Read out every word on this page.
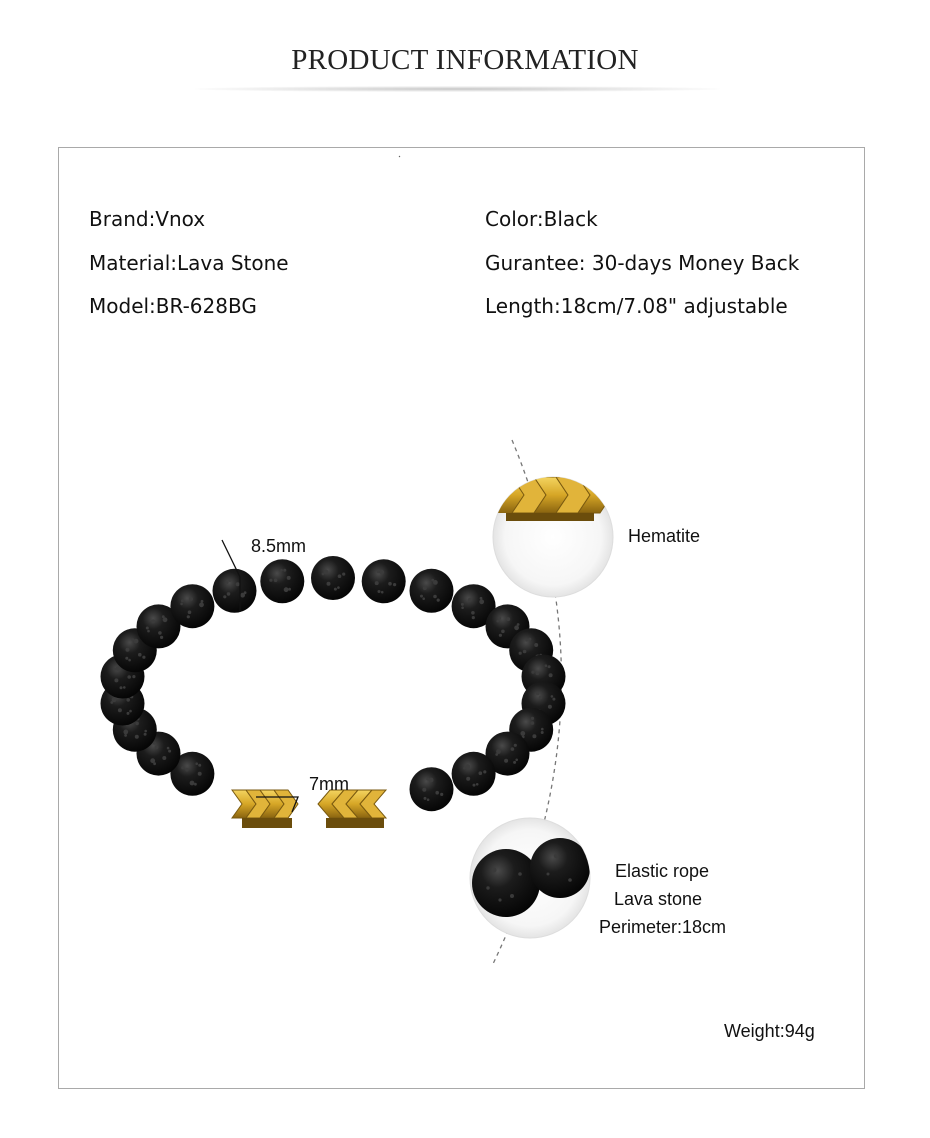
PRODUCT INFORMATION
Brand:Vnox
Material:Lava Stone
Model:BR-628BG
Color:Black
Gurantee: 30-days Money Back
Length:18cm/7.08" adjustable
8.5mm
7mm
Hematite
Elastic rope
Lava stone
Perimeter:18cm
Weight:94g
